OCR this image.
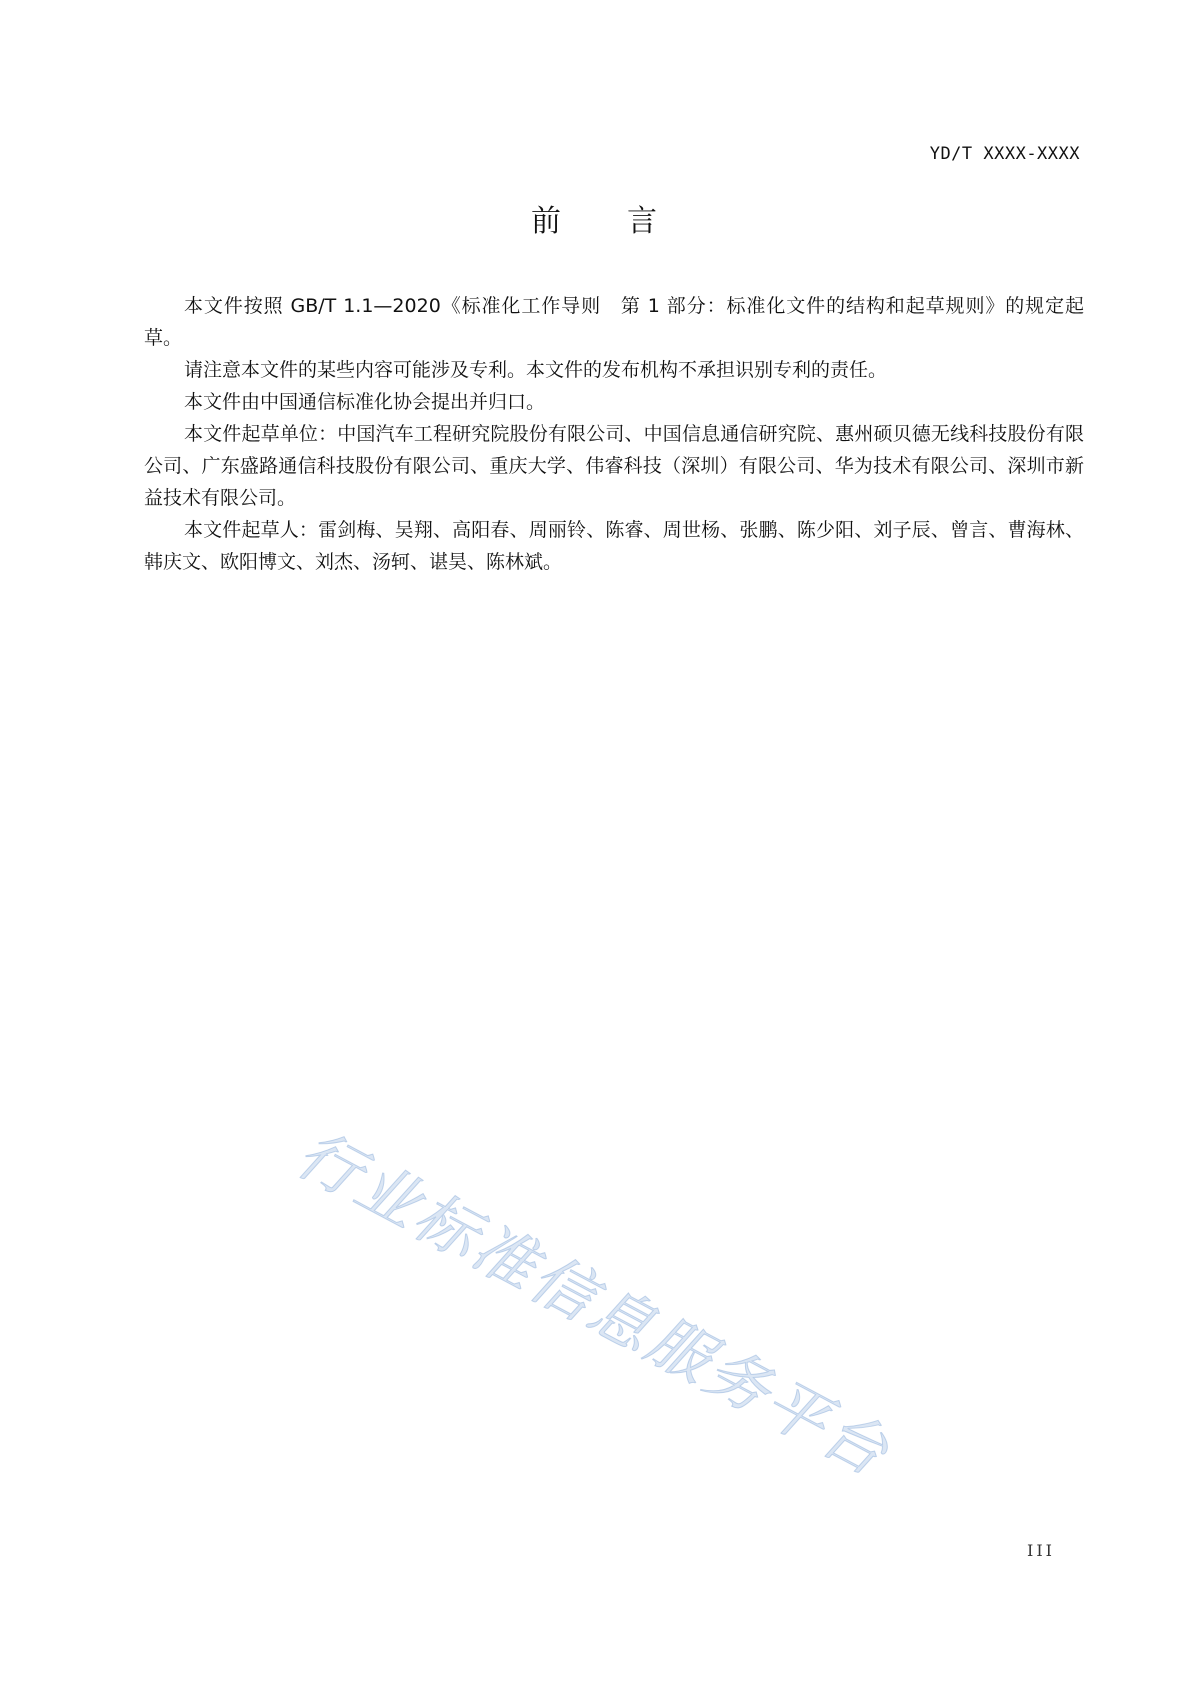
YD/T XXXX-XXXX
前 言

本文件按照 GB/T 1.1—2020《标准化工作导则　第 1 部分：标准化文件的结构和起草规则》的规定起草。

请注意本文件的某些内容可能涉及专利。本文件的发布机构不承担识别专利的责任。

本文件由中国通信标准化协会提出并归口。

本文件起草单位：中国汽车工程研究院股份有限公司、中国信息通信研究院、惠州硕贝德无线科技股份有限公司、广东盛路通信科技股份有限公司、重庆大学、伟睿科技（深圳）有限公司、华为技术有限公司、深圳市新益技术有限公司。

本文件起草人：雷剑梅、吴翔、高阳春、周丽铃、陈睿、周世杨、张鹏、陈少阳、刘子辰、曾言、曹海林、韩庆文、欧阳博文、刘杰、汤轲、谌昊、陈林斌。

行业标准信息服务平台
III
